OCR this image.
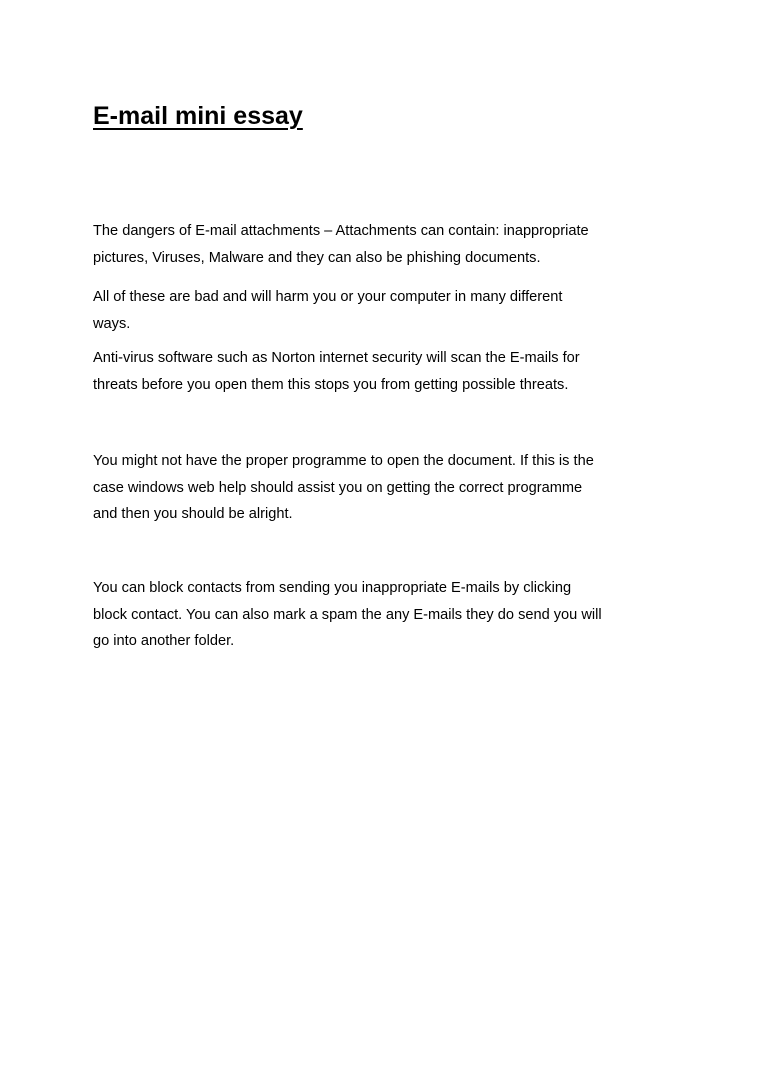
E-mail mini essay

The dangers of E-mail attachments – Attachments can contain: inappropriate
pictures, Viruses, Malware and they can also be phishing documents.

All of these are bad and will harm you or your computer in many different
ways.

Anti-virus software such as Norton internet security will scan the E-mails for
threats before you open them this stops you from getting possible threats.

You might not have the proper programme to open the document. If this is the
case windows web help should assist you on getting the correct programme
and then you should be alright.

You can block contacts from sending you inappropriate E-mails by clicking
block contact. You can also mark a spam the any E-mails they do send you will
go into another folder.
